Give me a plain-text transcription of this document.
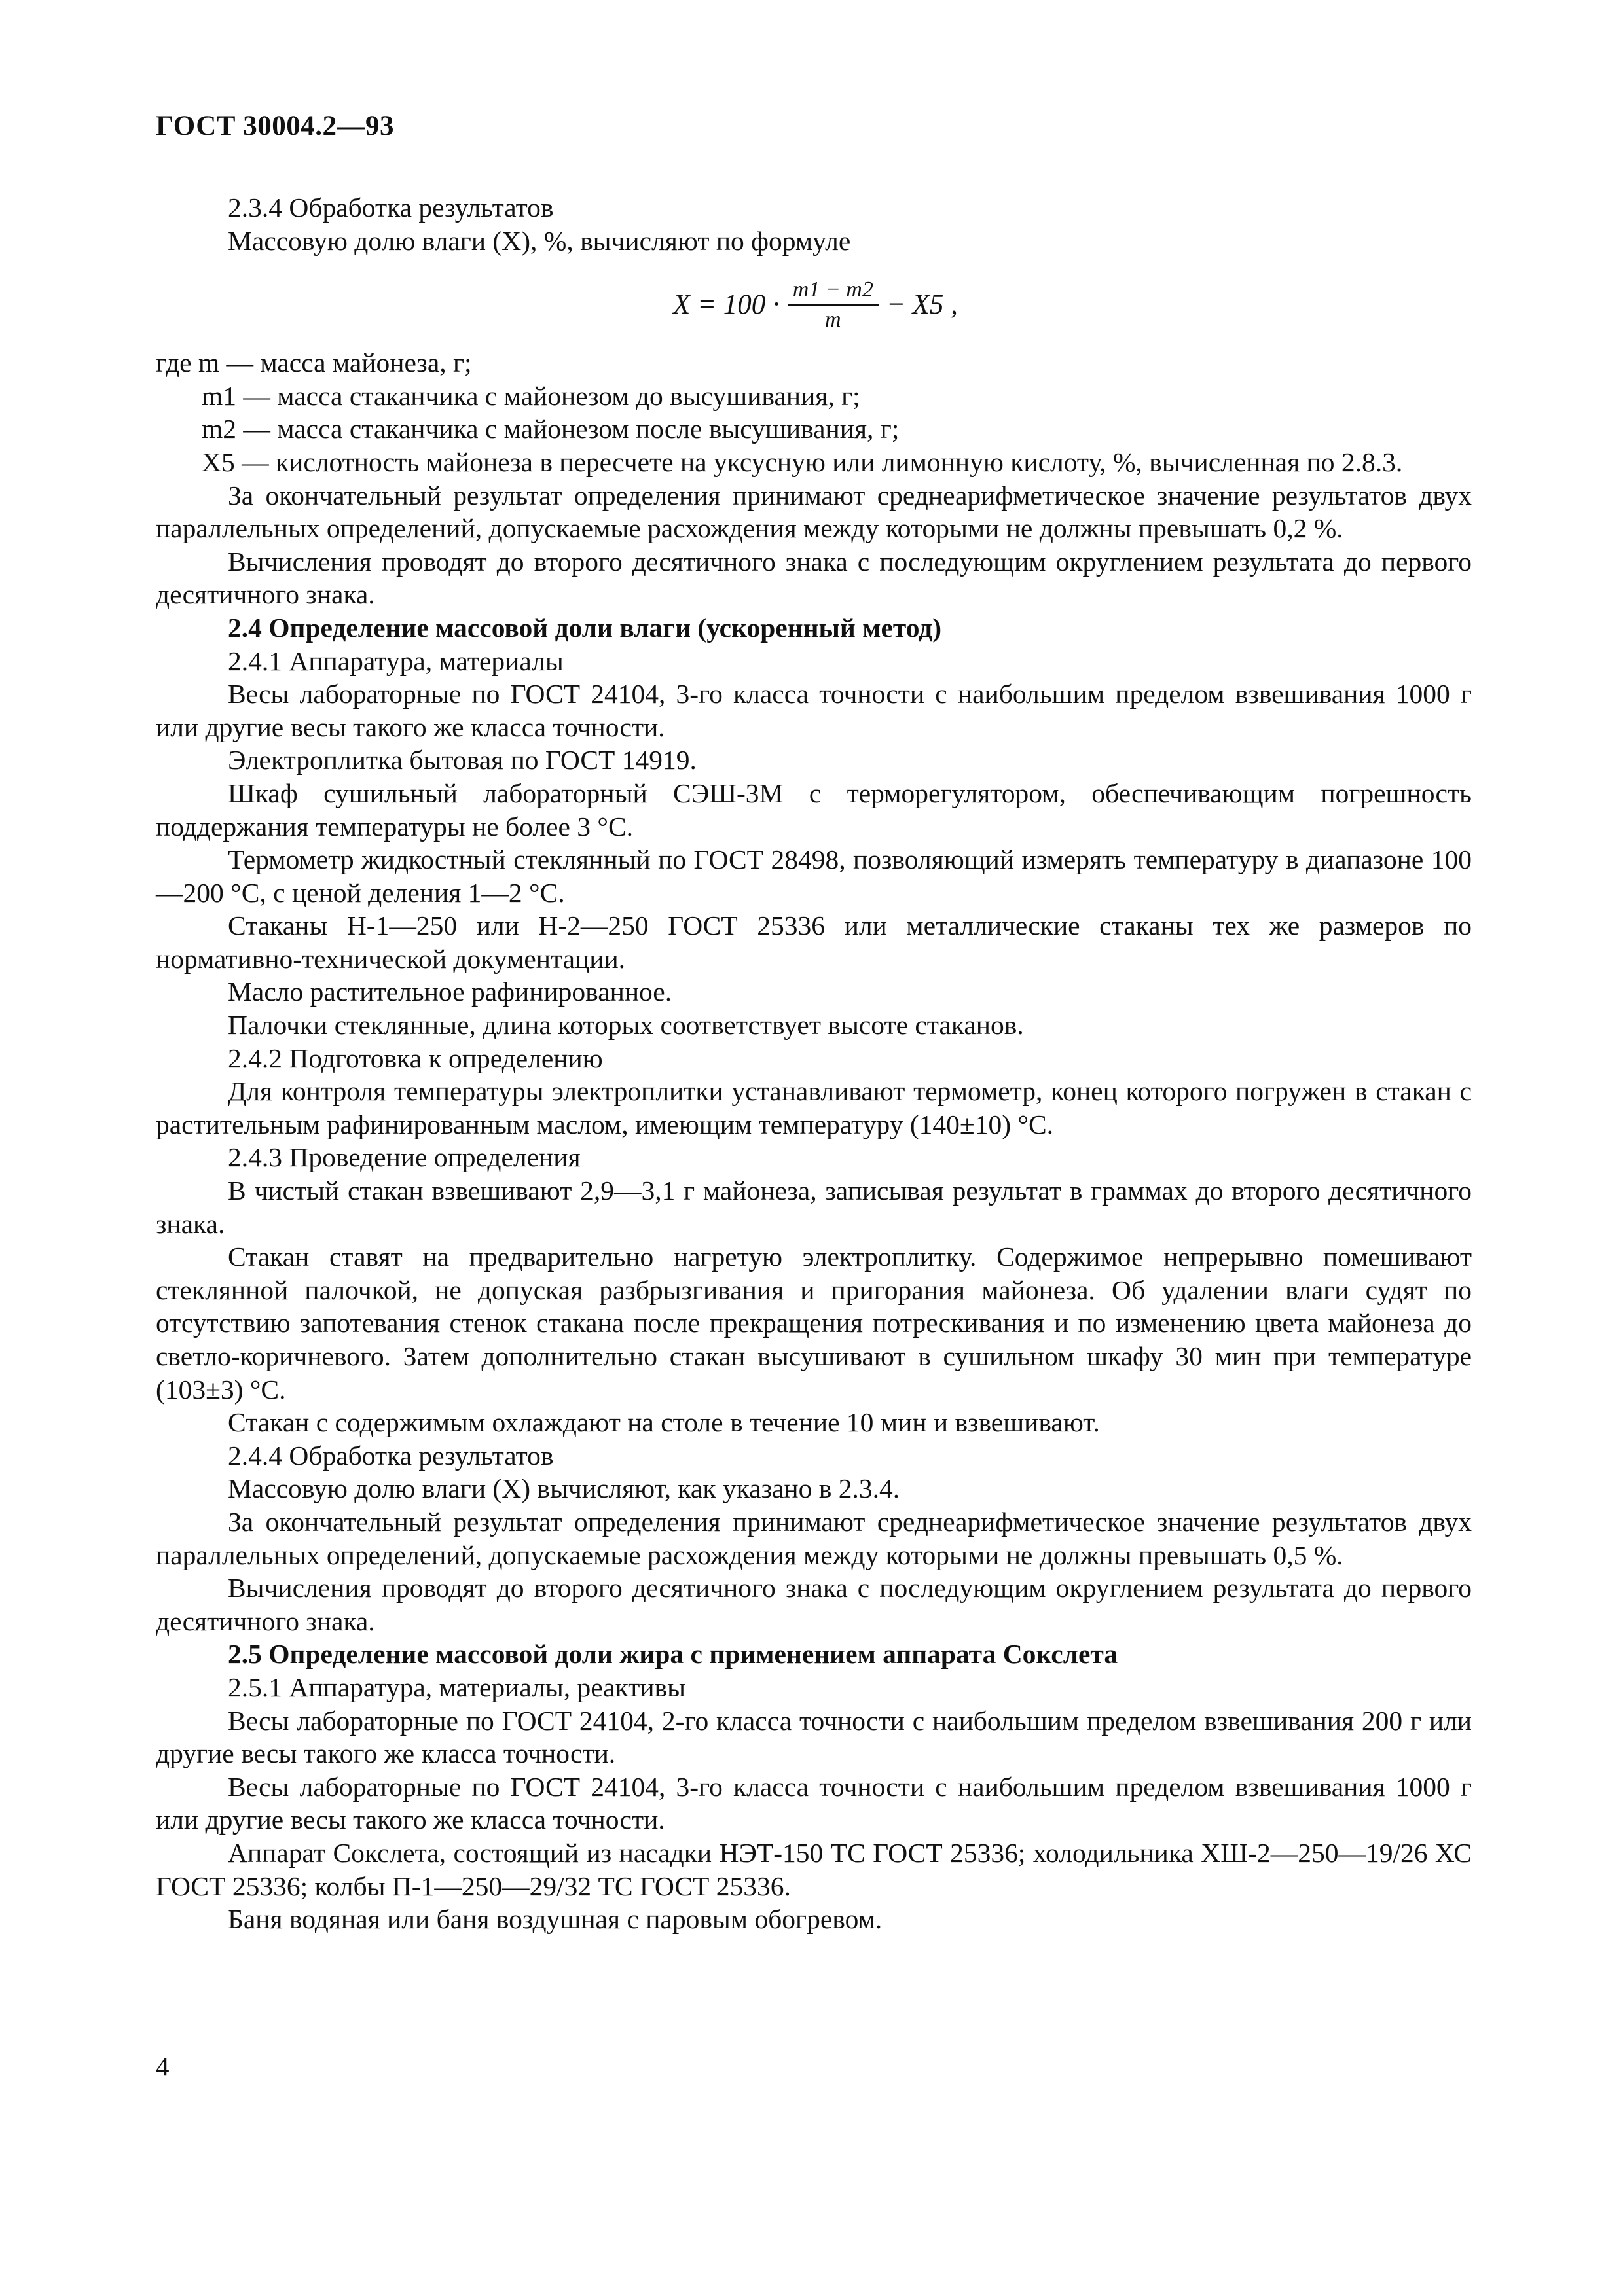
ГОСТ 30004.2—93

2.3.4 Обработка результатов

Массовую долю влаги (X), %, вычисляют по формуле

$X = 100 \cdot \frac{m1 - m2}{m} - X5$ ,

где m — масса майонеза, г;

m1 — масса стаканчика с майонезом до высушивания, г;

m2 — масса стаканчика с майонезом после высушивания, г;

X5 — кислотность майонеза в пересчете на уксусную или лимонную кислоту, %, вычисленная по 2.8.3.

За окончательный результат определения принимают среднеарифметическое значение результатов двух параллельных определений, допускаемые расхождения между которыми не должны превышать 0,2 %.

Вычисления проводят до второго десятичного знака с последующим округлением результата до первого десятичного знака.

2.4 Определение массовой доли влаги (ускоренный метод)

2.4.1 Аппаратура, материалы

Весы лабораторные по ГОСТ 24104, 3-го класса точности с наибольшим пределом взвешивания 1000 г или другие весы такого же класса точности.

Электроплитка бытовая по ГОСТ 14919.

Шкаф сушильный лабораторный СЭШ-3М с терморегулятором, обеспечивающим погрешность поддержания температуры не более 3 °С.

Термометр жидкостный стеклянный по ГОСТ 28498, позволяющий измерять температуру в диапазоне 100—200 °С, с ценой деления 1—2 °С.

Стаканы Н-1—250 или Н-2—250 ГОСТ 25336 или металлические стаканы тех же размеров по нормативно-технической документации.

Масло растительное рафинированное.

Палочки стеклянные, длина которых соответствует высоте стаканов.

2.4.2 Подготовка к определению

Для контроля температуры электроплитки устанавливают термометр, конец которого погружен в стакан с растительным рафинированным маслом, имеющим температуру (140±10) °С.

2.4.3 Проведение определения

В чистый стакан взвешивают 2,9—3,1 г майонеза, записывая результат в граммах до второго десятичного знака.

Стакан ставят на предварительно нагретую электроплитку. Содержимое непрерывно помешивают стеклянной палочкой, не допуская разбрызгивания и пригорания майонеза. Об удалении влаги судят по отсутствию запотевания стенок стакана после прекращения потрескивания и по изменению цвета майонеза до светло-коричневого. Затем дополнительно стакан высушивают в сушильном шкафу 30 мин при температуре (103±3) °С.

Стакан с содержимым охлаждают на столе в течение 10 мин и взвешивают.

2.4.4 Обработка результатов

Массовую долю влаги (X) вычисляют, как указано в 2.3.4.

За окончательный результат определения принимают среднеарифметическое значение результатов двух параллельных определений, допускаемые расхождения между которыми не должны превышать 0,5 %.

Вычисления проводят до второго десятичного знака с последующим округлением результата до первого десятичного знака.

2.5 Определение массовой доли жира с применением аппарата Сокслета

2.5.1 Аппаратура, материалы, реактивы

Весы лабораторные по ГОСТ 24104, 2-го класса точности с наибольшим пределом взвешивания 200 г или другие весы такого же класса точности.

Весы лабораторные по ГОСТ 24104, 3-го класса точности с наибольшим пределом взвешивания 1000 г или другие весы такого же класса точности.

Аппарат Сокслета, состоящий из насадки НЭТ-150 ТС ГОСТ 25336; холодильника ХШ-2—250—19/26 ХС ГОСТ 25336; колбы П-1—250—29/32 ТС ГОСТ 25336.

Баня водяная или баня воздушная с паровым обогревом.

4
